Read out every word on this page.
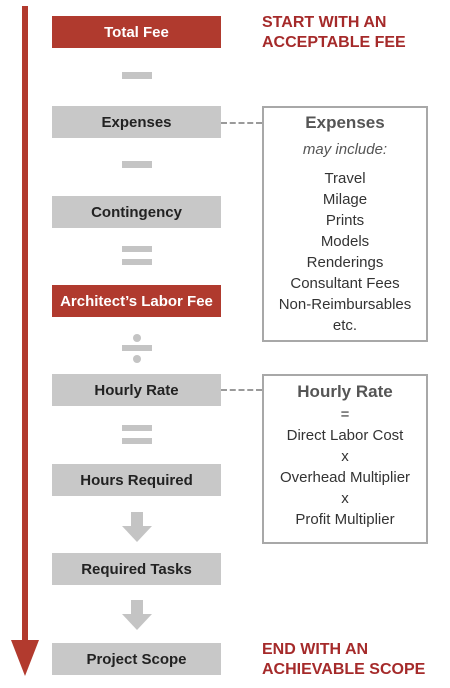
Total Fee
Expenses
Contingency
Architect’s Labor Fee
Hourly Rate
Hours Required
Required Tasks
Project Scope
START WITH AN
ACCEPTABLE FEE
END WITH AN
ACHIEVABLE SCOPE
Expenses
may include:
Travel
Milage
Prints
Models
Renderings
Consultant Fees
Non-Reimbursables
etc.
Hourly Rate
=
Direct Labor Cost
x
Overhead Multiplier
x
Profit Multiplier
